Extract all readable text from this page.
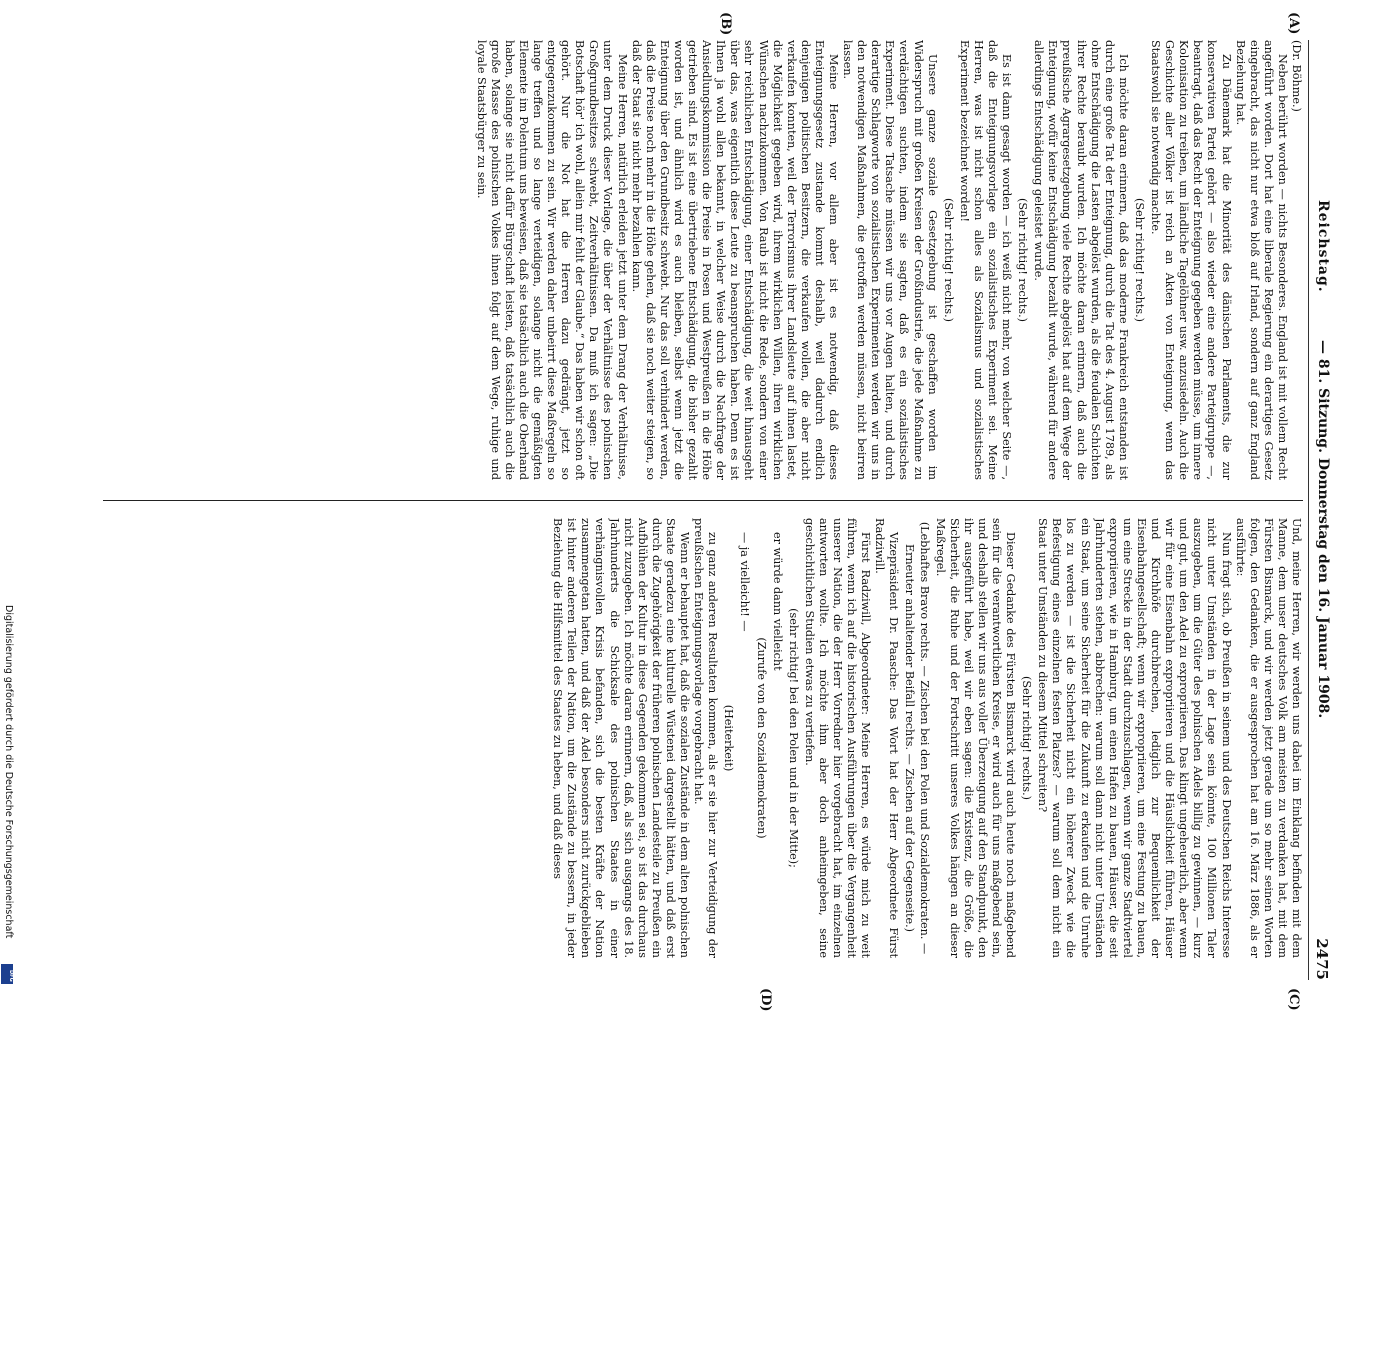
Digitalisierung gefördert durch die Deutsche Forschungsgemeinschaft
DFG
Reichstag.
— 81. Sitzung. Donnerstag den 16. Januar 1908.
2475
(A)
(B)
(C)
(D)

(Dr. Böhme.)

Neben berührt worden — nichts Besonderes. England ist mit vollem Recht angeführt worden. Dort hat eine liberale Regierung ein derartiges Gesetz eingebracht, das nicht nur etwa bloß auf Irland, sondern auf ganz England Beziehung hat.

Zu Dänemark hat die Minorität des dänischen Parlaments, die zur konservativen Partei gehört — also wieder eine andere Parteigruppe —, beantragt, daß das Recht der Enteignung gegeben werden müsse, um innere Kolonisation zu treiben, um ländliche Tagelöhner usw. anzusiedeln. Auch die Geschichte aller Völker ist reich an Akten von Enteignung, wenn das Staatswohl sie notwendig machte.

(Sehr richtig! rechts.)

Ich möchte daran erinnern, daß das moderne Frankreich entstanden ist durch eine große Tat der Enteignung, durch die Tat des 4. August 1789, als ohne Entschädigung die Lasten abgelöst wurden, als die feudalen Schichten ihrer Rechte beraubt wurden. Ich möchte daran erinnern, daß auch die preußische Agrargesetzgebung viele Rechte abgelöst hat auf dem Wege der Enteignung, wofür keine Entschädigung bezahlt wurde, während für andere allerdings Entschädigung geleistet wurde.

(Sehr richtig! rechts.)

Es ist dann gesagt worden — ich weiß nicht mehr, von welcher Seite —, daß die Enteignungsvorlage ein sozialistisches Experiment sei. Meine Herren, was ist nicht schon alles als Sozialismus und sozialistisches Experiment bezeichnet worden!

(Sehr richtig! rechts.)

Unsere ganze soziale Gesetzgebung ist geschaffen worden im Widerspruch mit großen Kreisen der Großindustrie, die jede Maßnahme zu verdächtigen suchten, indem sie sagten, daß es ein sozialistisches Experiment. Diese Tatsache müssen wir uns vor Augen halten, und durch derartige Schlagworte von sozialistischen Experimenten werden wir uns in den notwendigen Maßnahmen, die getroffen werden müssen, nicht beirren lassen.

Meine Herren, vor allem aber ist es notwendig, daß dieses Enteignungsgesetz zustande kommt deshalb, weil dadurch endlich denjenigen politischen Besitzern, die verkaufen wollen, die aber nicht verkaufen konnten, weil der Terrorismus ihrer Landsleute auf ihnen lastet, die Möglichkeit gegeben wird, ihrem wirklichen Willen, ihren wirklichen Wünschen nachzukommen. Von Raub ist nicht die Rede, sondern von einer sehr reichlichen Entschädigung, einer Entschädigung, die weit hinausgeht über das, was eigentlich diese Leute zu beanspruchen haben. Denn es ist Ihnen ja wohl allen bekannt, in welcher Weise durch die Nachfrage der Ansiedlungskommission die Preise in Posen und Westpreußen in die Höhe getrieben sind. Es ist eine übertriebene Entschädigung, die bisher gezahlt worden ist, und ähnlich wird es auch bleiben, selbst wenn jetzt die Enteignung über den Grundbesitz schwebt. Nur das soll verhindert werden, daß die Preise noch mehr in die Höhe gehen, daß sie noch weiter steigen, so daß der Staat sie nicht mehr bezahlen kann.

Meine Herren, natürlich erleiden jetzt unter dem Drang der Verhältnisse, unter dem Druck dieser Vorlage, die über der Verhältnisse des polnischen Großgrundbesitzes schwebt, Zeitverhältnissen. Da muß ich sagen: „Die Botschaft hör' ich wohl, allein mir fehlt der Glaube.“ Das haben wir schon oft gehört. Nur die Not hat die Herren dazu gedrängt, jetzt so entgegenzukommen zu sein. Wir werden daher unbeirrt diese Maßregeln so lange treffen und so lange verteidigen, solange nicht die gemäßigten Elemente im Polentum uns beweisen, daß sie tatsächlich auch die Oberhand haben, solange sie nicht dafür Bürgschaft leisten, daß tatsächlich auch die große Masse des polnischen Volkes ihnen folgt auf dem Wege, ruhige und loyale Staatsbürger zu sein.

Und, meine Herren, wir werden uns dabei im Einklang befinden mit dem Manne, dem unser deutsches Volk am meisten zu verdanken hat, mit dem Fürsten Bismarck, und wir werden jetzt gerade um so mehr seinen Worten folgen, den Gedanken, die er ausgesprochen hat am 16. März 1886, als er ausführte:

Nun fragt sich, ob Preußen in seinem und des Deutschen Reichs Interesse nicht unter Umständen in der Lage sein könnte, 100 Millionen Taler auszugeben, um die Güter des polnischen Adels billig zu gewinnen, — kurz und gut, um den Adel zu expropriieren. Das klingt ungeheuerlich, aber wenn wir für eine Eisenbahn expropriieren und die Häuslichkeit führen, Häuser und Kirchhöfe durchbrechen, lediglich zur Bequemlichkeit der Eisenbahngesellschaft; wenn wir expropriieren, um eine Festung zu bauen, um eine Strecke in der Stadt durchzuschlagen, wenn wir ganze Stadtviertel expropriieren, wie in Hamburg, um einen Hafen zu bauen, Häuser, die seit Jahrhunderten stehen, abbrechen: warum soll dann nicht unter Umständen ein Staat, um seine Sicherheit für die Zukunft zu erkaufen und die Unruhe los zu werden — ist die Sicherheit nicht ein höherer Zweck wie die Befestigung eines einzelnen festen Platzes? — warum soll dem nicht ein Staat unter Umständen zu diesem Mittel schreiten?

(Sehr richtig! rechts.)

Dieser Gedanke des Fürsten Bismarck wird auch heute noch maßgebend sein für die verantwortlichen Kreise, er wird auch für uns maßgebend sein, und deshalb stellen wir uns aus voller Überzeugung auf den Standpunkt, den ihr ausgeführt habe, weil wir eben sagen: die Existenz, die Größe, die Sicherheit, die Ruhe und der Fortschritt unseres Volkes hängen an dieser Maßregel.

(Lebhaftes Bravo rechts. — Zischen bei den Polen und Sozialdemokraten. — Erneuter anhaltender Beifall rechts. — Zischen auf der Gegenseite.)

Vizepräsident Dr. Paasche: Das Wort hat der Herr Abgeordnete Fürst Radziwill.

Fürst Radziwill, Abgeordneter: Meine Herren, es würde mich zu weit führen, wenn ich auf die historischen Ausführungen über die Vergangenheit unserer Nation, die der Herr Vorredner hier vorgebracht hat, im einzelnen antworten wollte. Ich möchte ihm aber doch anheimgeben, seine geschichtlichen Studien etwas zu vertiefen.

(sehr richtig! bei den Polen und in der Mitte);

er würde dann vielleicht

(Zurufe von den Sozialdemokraten)

— ja vielleicht! —

(Heiterkeit)

zu ganz anderen Resultaten kommen, als er sie hier zur Verteidigung der preußischen Enteignungsvorlage vorgebracht hat.

Wenn er behauptet hat, daß die sozialen Zustände in dem alten polnischen Staate geradezu eine kulturelle Wüstenei dargestellt hätten, und daß erst durch die Zugehörigkeit der früheren polnischen Landesteile zu Preußen ein Aufblühen der Kultur in diese Gegenden gekommen sei, so ist das durchaus nicht zuzugeben. Ich möchte daran erinnern, daß, als sich ausgangs des 18. Jahrhunderts die Schicksale des polnischen Staates in einer verhängnisvollen Krisis befanden, sich die besten Kräfte der Nation zusammengetan hatten, und daß der Adel besonders nicht zurückgeblieben ist hinter anderen Teilen der Nation, um die Zustände zu bessern, in jeder Beziehung die Hilfsmittel des Staates zu heben, und daß dieses
